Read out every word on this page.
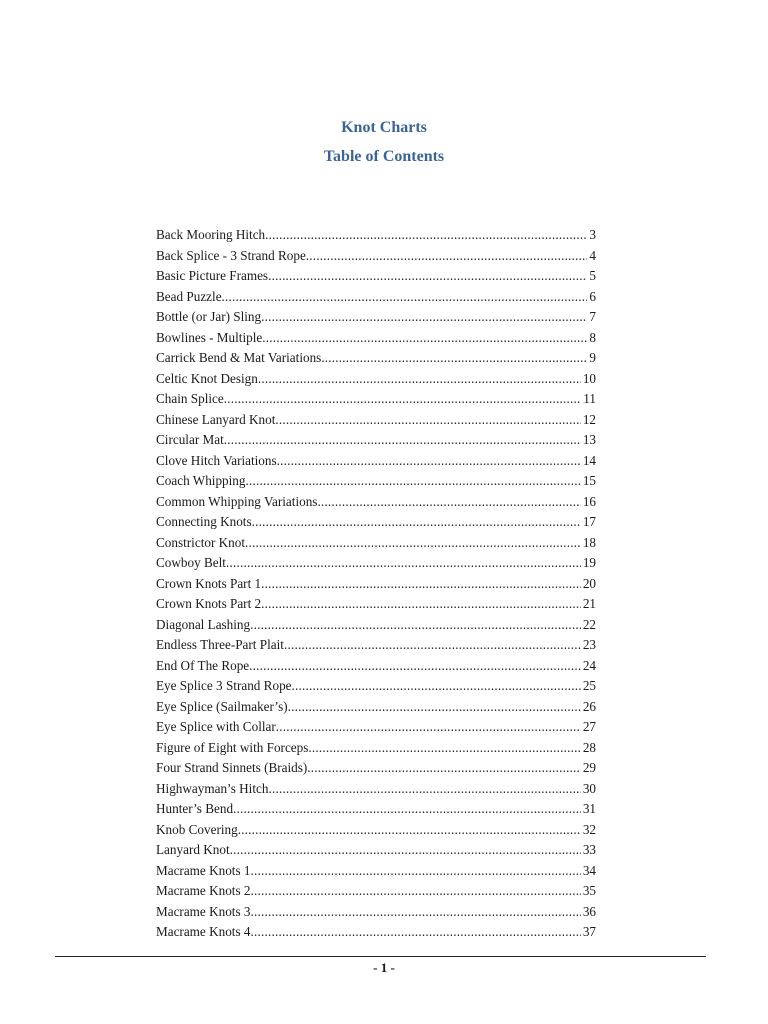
Knot Charts
Table of Contents
Back Mooring Hitch .....	3
Back Splice - 3 Strand Rope .....	4
Basic Picture Frames .....	5
Bead Puzzle .....	6
Bottle (or Jar) Sling .....	7
Bowlines - Multiple .....	8
Carrick Bend & Mat Variations .....	9
Celtic Knot Design .....	10
Chain Splice .....	11
Chinese Lanyard Knot .....	12
Circular Mat .....	13
Clove Hitch Variations .....	14
Coach Whipping .....	15
Common Whipping Variations .....	16
Connecting Knots .....	17
Constrictor Knot .....	18
Cowboy Belt .....	19
Crown Knots Part 1 .....	20
Crown Knots Part 2 .....	21
Diagonal Lashing .....	22
Endless Three-Part Plait .....	23
End Of The Rope .....	24
Eye Splice 3 Strand Rope .....	25
Eye Splice (Sailmaker’s) .....	26
Eye Splice with Collar .....	27
Figure of Eight with Forceps .....	28
Four Strand Sinnets (Braids) .....	29
Highwayman’s Hitch .....	30
Hunter’s Bend .....	31
Knob Covering .....	32
Lanyard Knot .....	33
Macrame Knots 1 .....	34
Macrame Knots 2 .....	35
Macrame Knots 3 .....	36
Macrame Knots 4 .....	37
- 1 -
